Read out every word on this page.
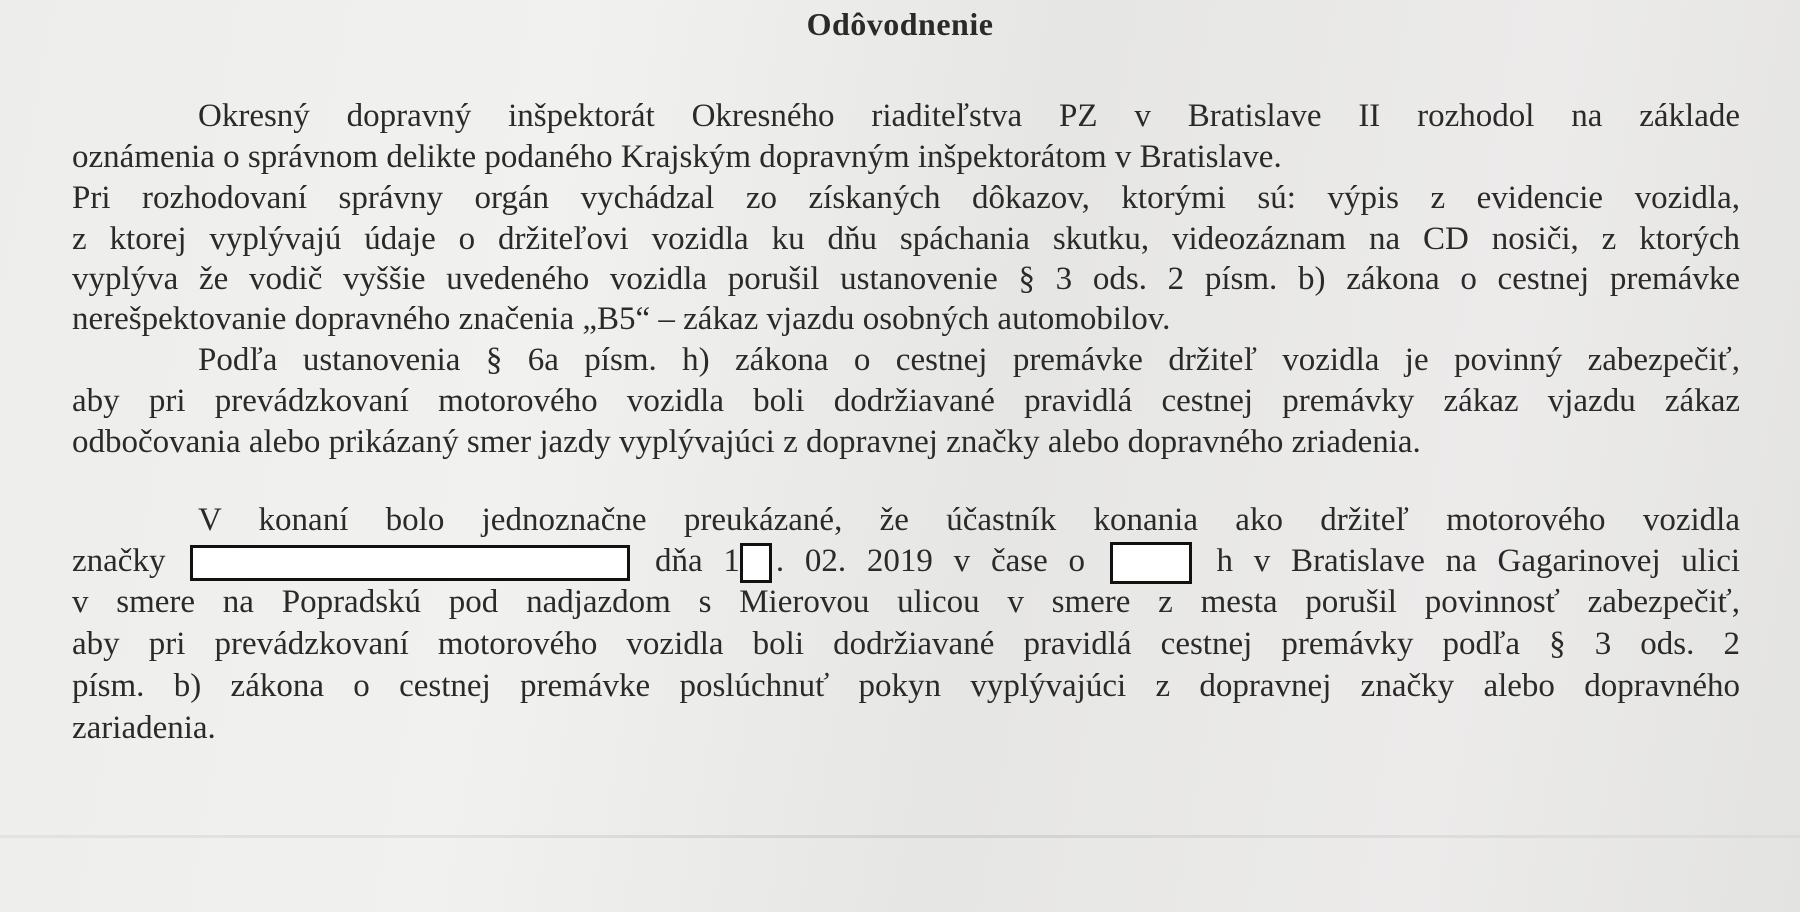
Odôvodnenie
Okresný dopravný inšpektorát Okresného riaditeľstva PZ v Bratislave II rozhodol na základe
oznámenia o správnom delikte podaného Krajským dopravným inšpektorátom v Bratislave.
Pri rozhodovaní správny orgán vychádzal zo získaných dôkazov, ktorými sú: výpis z evidencie vozidla,
z ktorej vyplývajú údaje o držiteľovi vozidla ku dňu spáchania skutku, videozáznam na CD nosiči, z ktorých
vyplýva že vodič vyššie uvedeného vozidla porušil ustanovenie § 3 ods. 2 písm. b) zákona o cestnej premávke
nerešpektovanie dopravného značenia „B5“ – zákaz vjazdu osobných automobilov.
Podľa ustanovenia § 6a písm. h) zákona o cestnej premávke držiteľ vozidla je povinný zabezpečiť,
aby pri prevádzkovaní motorového vozidla boli dodržiavané pravidlá cestnej premávky zákaz vjazdu zákaz
odbočovania alebo prikázaný smer jazdy vyplývajúci z dopravnej značky alebo dopravného zriadenia.
V konaní bolo jednoznačne preukázané, že účastník konania ako držiteľ motorového vozidla
značky	dňa 1 . 02. 2019 v čase o	h v Bratislave na Gagarinovej ulici
v smere na Popradskú pod nadjazdom s Mierovou ulicou v smere z mesta porušil povinnosť zabezpečiť,
aby pri prevádzkovaní motorového vozidla boli dodržiavané pravidlá cestnej premávky podľa § 3 ods. 2
písm. b) zákona o cestnej premávke poslúchnuť pokyn vyplývajúci z dopravnej značky alebo dopravného
zariadenia.
